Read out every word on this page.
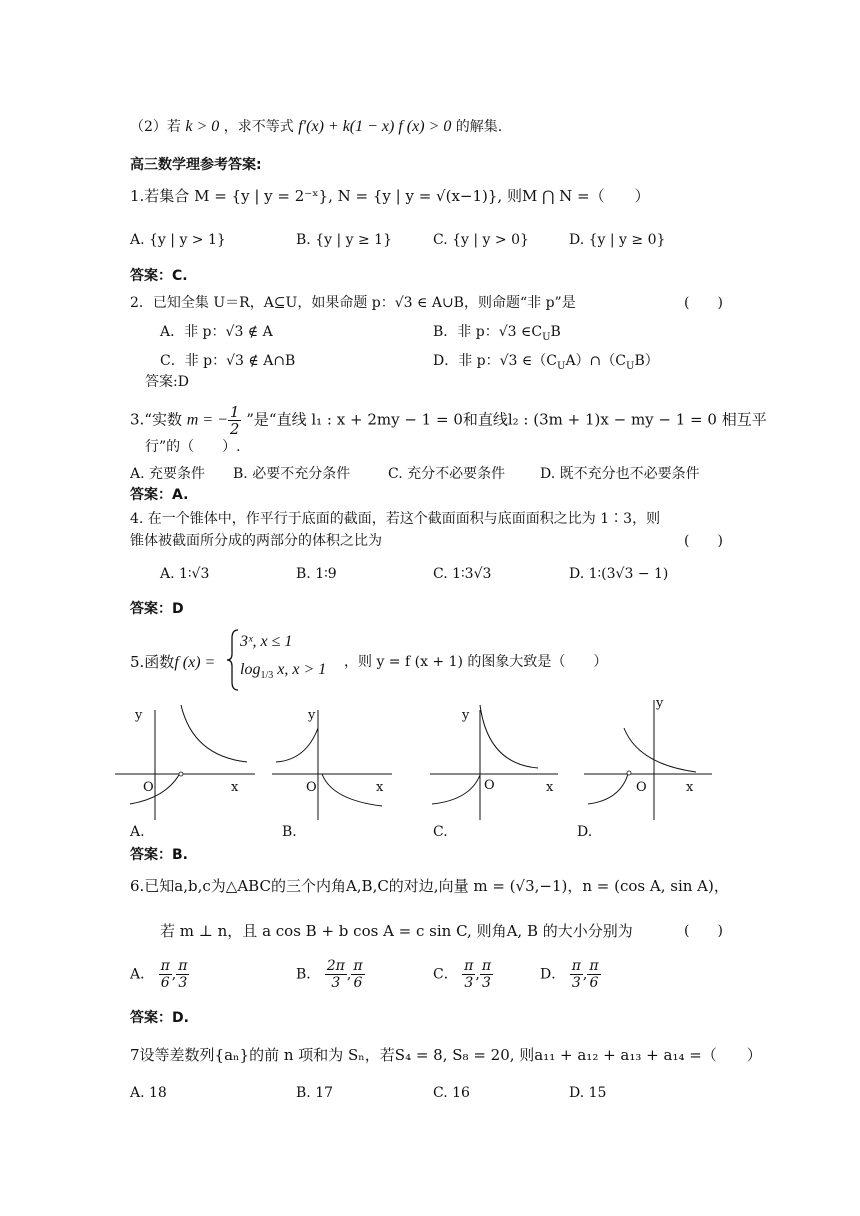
（2）若 k > 0 ，求不等式 f′(x) + k(1 − x) f (x) > 0 的解集.
高三数学理参考答案:
1.若集合 M = {y | y = 2⁻ˣ}, N = {y | y = √(x−1)}, 则M ⋂ N =（　　）
A. {y | y > 1}	B. {y | y ≥ 1}	C. {y | y > 0}	D. {y | y ≥ 0}
答案：C.
2．已知全集 U＝R，A⊆U，如果命题 p：√3 ∈ A∪B，则命题“非 p”是	(　　)
A．非 p：√3 ∉ A	B．非 p：√3 $\in C_UB$
C．非 p：√3 ∉ A∩B	D．非 p：√3 $\in(C_UA)\cap(C_UB)$
答案:D
3.“实数 m = − $\frac{1}{2}$ ”是“直线 l₁ : x + 2my − 1 = 0和直线l₂ : (3m + 1)x − my − 1 = 0 相互平
行”的（　　）.
A. 充要条件 B. 必要不充分条件	C. 充分不必要条件 D. 既不充分也不必要条件
答案：A.
4. 在一个锥体中，作平行于底面的截面，若这个截面面积与底面面积之比为 1∶3，则
锥体被截面所分成的两部分的体积之比为	(　　)
A. 1∶√3	B. 1∶9	C. 1∶3√3	D. 1∶(3√3 − 1)
答案：D
5.函数f (x) =
3ˣ, x ≤ 1
$\log_{1/3} x$, x > 1 ，则 y = f (x + 1) 的图象大致是（　　）
y
O	x
y
O	x
y
O	x
y
O	x
A.	B.	C.	D.
答案：B.
6.已知a,b,c为△ABC的三个内角A,B,C的对边,向量 m = (√3,−1)，n = (cos A, sin A)，
若 m ⊥ n，且 a cos B + b cos A = c sin C, 则角A, B 的大小分别为	(　　)
A． $\frac{\pi}{6}$ , $\frac{\pi}{3}$	B． $\frac{2\pi}{3}$ , $\frac{\pi}{6}$	C． $\frac{\pi}{3}$ , $\frac{\pi}{3}$	D． $\frac{\pi}{3}$ , $\frac{\pi}{6}$
答案：D.
7设等差数列{aₙ}的前 n 项和为 Sₙ，若S₄ = 8, S₈ = 20, 则a₁₁ + a₁₂ + a₁₃ + a₁₄ =（　　）
A. 18	B. 17	C. 16	D. 15
